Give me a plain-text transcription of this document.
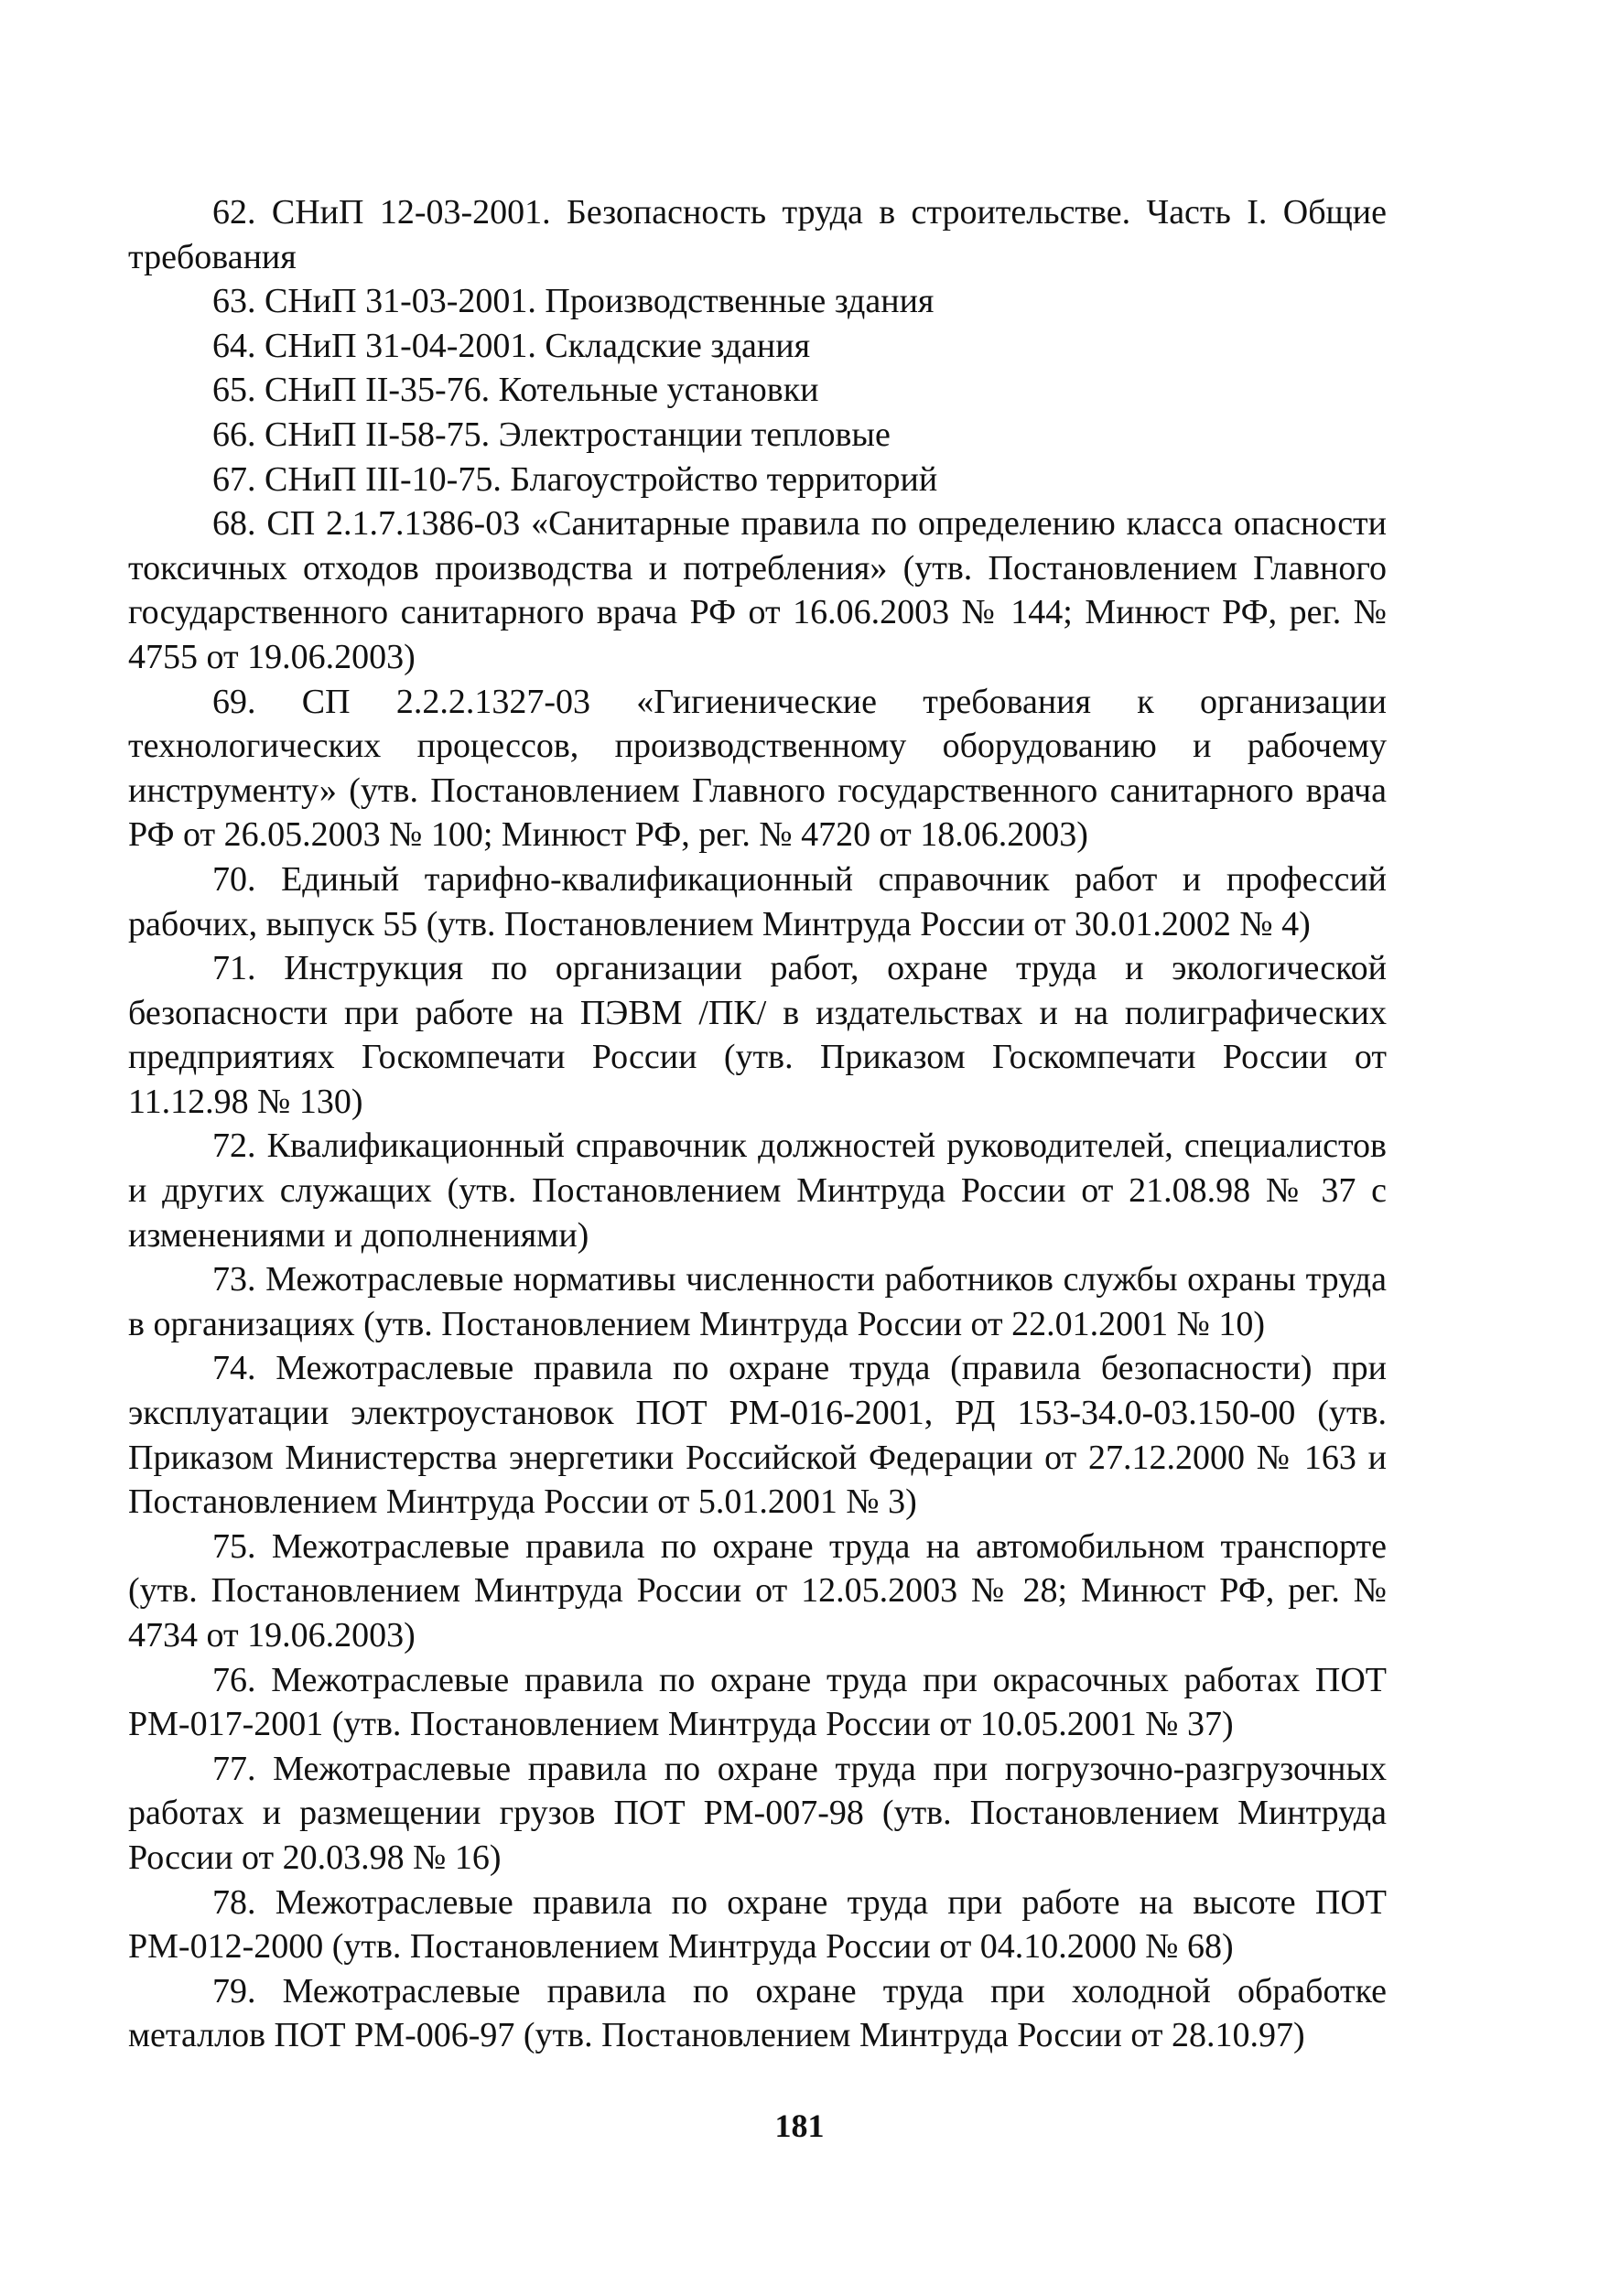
62. СНиП 12-03-2001. Безопасность труда в строительстве. Часть I. Общие требования

63. СНиП 31-03-2001. Производственные здания

64. СНиП 31-04-2001. Складские здания

65. СНиП II-35-76. Котельные установки

66. СНиП II-58-75. Электростанции тепловые

67. СНиП III-10-75. Благоустройство территорий

68. СП 2.1.7.1386-03 «Санитарные правила по определению класса опасности токсичных отходов производства и потребления» (утв. Постановлением Главного государственного санитарного врача РФ от 16.06.2003 № 144; Минюст РФ, рег. № 4755 от 19.06.2003)

69. СП 2.2.2.1327-03 «Гигиенические требования к организации технологических процессов, производственному оборудованию и рабочему инструменту» (утв. Постановлением Главного государственного санитарного врача РФ от 26.05.2003 № 100; Минюст РФ, рег. № 4720 от 18.06.2003)

70. Единый тарифно-квалификационный справочник работ и профессий рабочих, выпуск 55 (утв. Постановлением Минтруда России от 30.01.2002 № 4)

71. Инструкция по организации работ, охране труда и экологической безопасности при работе на ПЭВМ /ПК/ в издательствах и на полиграфических предприятиях Госкомпечати России (утв. Приказом Госкомпечати России от 11.12.98 № 130)

72. Квалификационный справочник должностей руководителей, специалистов и других служащих (утв. Постановлением Минтруда России от 21.08.98 № 37 с изменениями и дополнениями)

73. Межотраслевые нормативы численности работников службы охраны труда в организациях (утв. Постановлением Минтруда России от 22.01.2001 № 10)

74. Межотраслевые правила по охране труда (правила безопасности) при эксплуатации электроустановок ПОТ РМ-016-2001, РД 153-34.0-03.150-00 (утв. Приказом Министерства энергетики Российской Федерации от 27.12.2000 № 163 и Постановлением Минтруда России от 5.01.2001 № 3)

75. Межотраслевые правила по охране труда на автомобильном транспорте (утв. Постановлением Минтруда России от 12.05.2003 № 28; Минюст РФ, рег. № 4734 от 19.06.2003)

76. Межотраслевые правила по охране труда при окрасочных работах ПОТ РМ-017-2001 (утв. Постановлением Минтруда России от 10.05.2001 № 37)

77. Межотраслевые правила по охране труда при погрузочно-разгрузочных работах и размещении грузов ПОТ РМ-007-98 (утв. Постановлением Минтруда России от 20.03.98 № 16)

78. Межотраслевые правила по охране труда при работе на высоте ПОТ РМ-012-2000 (утв. Постановлением Минтруда России от 04.10.2000 № 68)

79. Межотраслевые правила по охране труда при холодной обработке металлов ПОТ РМ-006-97 (утв. Постановлением Минтруда России от 28.10.97)

181
